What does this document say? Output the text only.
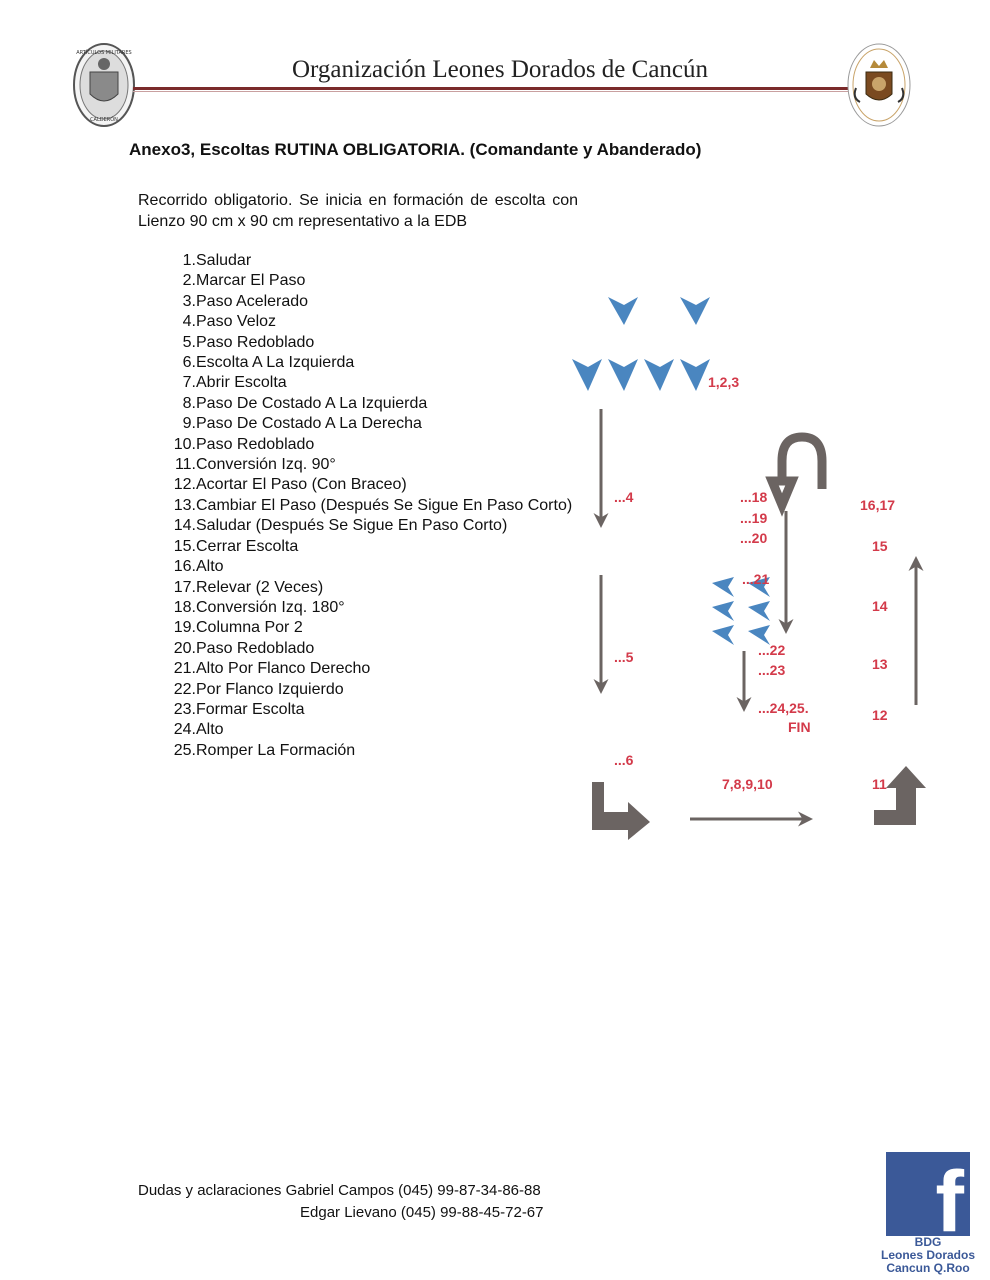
ARTÍCULOS MILITARES
CALDERÓN
Organización Leones Dorados de Cancún
Anexo3, Escoltas RUTINA OBLIGATORIA. (Comandante y Abanderado)
Recorrido obligatorio. Se inicia en formación de escolta con Lienzo 90 cm x 90 cm representativo a la EDB
1. Saludar
2. Marcar El Paso
3. Paso Acelerado
4. Paso Veloz
5. Paso Redoblado
6. Escolta A La Izquierda
7. Abrir Escolta
8. Paso De Costado A La Izquierda
9. Paso De Costado A La Derecha
10. Paso Redoblado
11. Conversión Izq. 90°
12. Acortar El Paso (Con Braceo)
13. Cambiar El Paso (Después Se Sigue En Paso Corto)
14. Saludar (Después Se Sigue En Paso Corto)
15. Cerrar Escolta
16. Alto
17. Relevar (2 Veces)
18. Conversión Izq. 180°
19. Columna Por 2
20. Paso Redoblado
21. Alto Por Flanco Derecho
22. Por Flanco Izquierdo
23. Formar Escolta
24. Alto
25. Romper La Formación
1,2,3
...4
...5
...6
7,8,9,10	11
12
13
14
15
16,17
...18
...19
...20
...21
...22
...23
...24,25.
FIN
Dudas y aclaraciones Gabriel Campos (045) 99-87-34-86-88
Edgar Lievano (045) 99-88-45-72-67	f
BDG
Leones Dorados
Cancun Q.Roo
